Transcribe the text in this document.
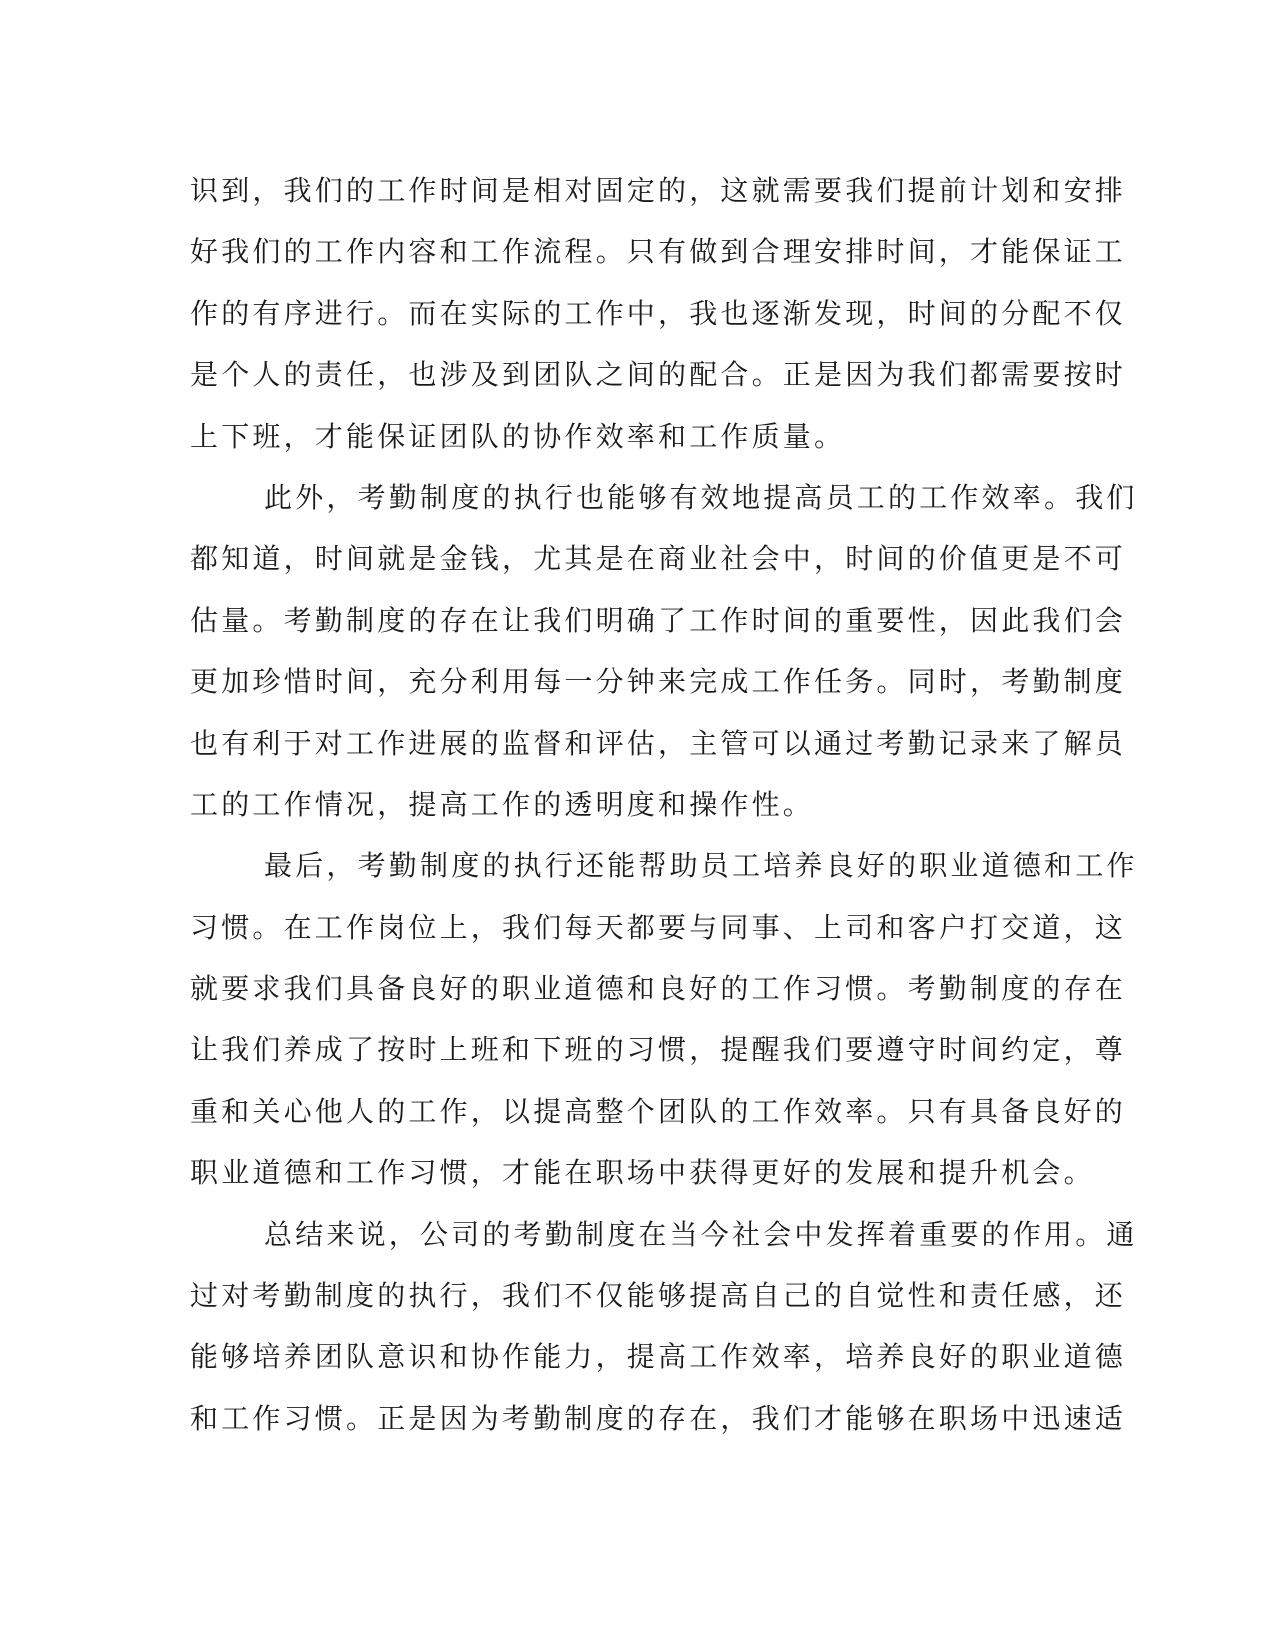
识到，我们的工作时间是相对固定的，这就需要我们提前计划和安排
好我们的工作内容和工作流程。只有做到合理安排时间，才能保证工
作的有序进行。而在实际的工作中，我也逐渐发现，时间的分配不仅
是个人的责任，也涉及到团队之间的配合。正是因为我们都需要按时
上下班，才能保证团队的协作效率和工作质量。
此外，考勤制度的执行也能够有效地提高员工的工作效率。我们
都知道，时间就是金钱，尤其是在商业社会中，时间的价值更是不可
估量。考勤制度的存在让我们明确了工作时间的重要性，因此我们会
更加珍惜时间，充分利用每一分钟来完成工作任务。同时，考勤制度
也有利于对工作进展的监督和评估，主管可以通过考勤记录来了解员
工的工作情况，提高工作的透明度和操作性。
最后，考勤制度的执行还能帮助员工培养良好的职业道德和工作
习惯。在工作岗位上，我们每天都要与同事、上司和客户打交道，这
就要求我们具备良好的职业道德和良好的工作习惯。考勤制度的存在
让我们养成了按时上班和下班的习惯，提醒我们要遵守时间约定，尊
重和关心他人的工作，以提高整个团队的工作效率。只有具备良好的
职业道德和工作习惯，才能在职场中获得更好的发展和提升机会。
总结来说，公司的考勤制度在当今社会中发挥着重要的作用。通
过对考勤制度的执行，我们不仅能够提高自己的自觉性和责任感，还
能够培养团队意识和协作能力，提高工作效率，培养良好的职业道德
和工作习惯。正是因为考勤制度的存在，我们才能够在职场中迅速适
